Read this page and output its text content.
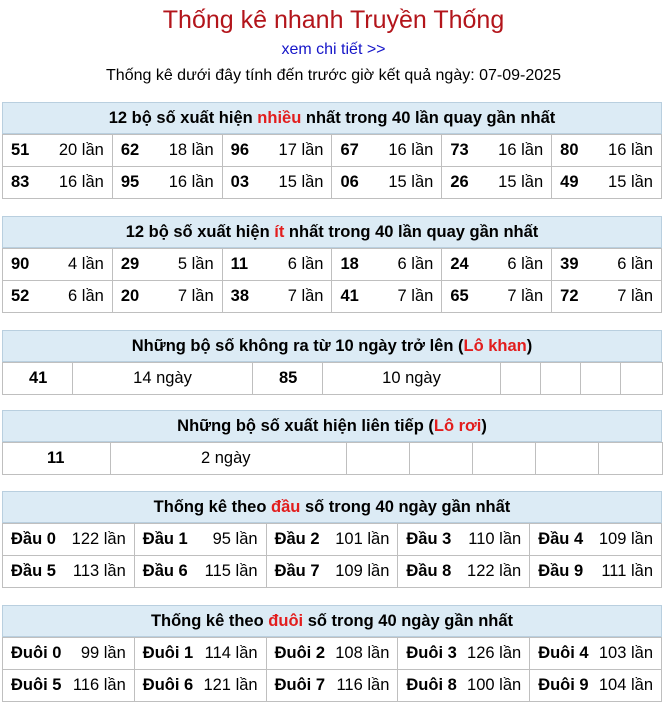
Thống kê nhanh Truyền Thống
xem chi tiết >>
Thống kê dưới đây tính đến trước giờ kết quả ngày: 07-09-2025
12 bộ số xuất hiện nhiều nhất trong 40 lần quay gần nhất
51 20 lần	62 18 lần	96 17 lần	67 16 lần	73 16 lần	80 16 lần

83 16 lần	95 16 lần	03 15 lần	06 15 lần	26 15 lần	49 15 lần
12 bộ số xuất hiện ít nhất trong 40 lần quay gần nhất
90 4 lần	29 5 lần	11 6 lần	18 6 lần	24 6 lần	39 6 lần

52 6 lần	20 7 lần	38 7 lần	41 7 lần	65 7 lần	72 7 lần
Những bộ số không ra từ 10 ngày trở lên (Lô khan)
41	14 ngày	85	10 ngày				
Những bộ số xuất hiện liên tiếp (Lô rơi)
11	2 ngày					
Thống kê theo đầu số trong 40 ngày gần nhất
Đầu 0 122 lần	Đầu 1 95 lần	Đầu 2 101 lần	Đầu 3 110 lần	Đầu 4 109 lần

Đầu 5 113 lần	Đầu 6 115 lần	Đầu 7 109 lần	Đầu 8 122 lần	Đầu 9 111 lần
Thống kê theo đuôi số trong 40 ngày gần nhất
Đuôi 0 99 lần	Đuôi 1 114 lần	Đuôi 2 108 lần	Đuôi 3 126 lần	Đuôi 4 103 lần

Đuôi 5 116 lần	Đuôi 6 121 lần	Đuôi 7 116 lần	Đuôi 8 100 lần	Đuôi 9 104 lần
